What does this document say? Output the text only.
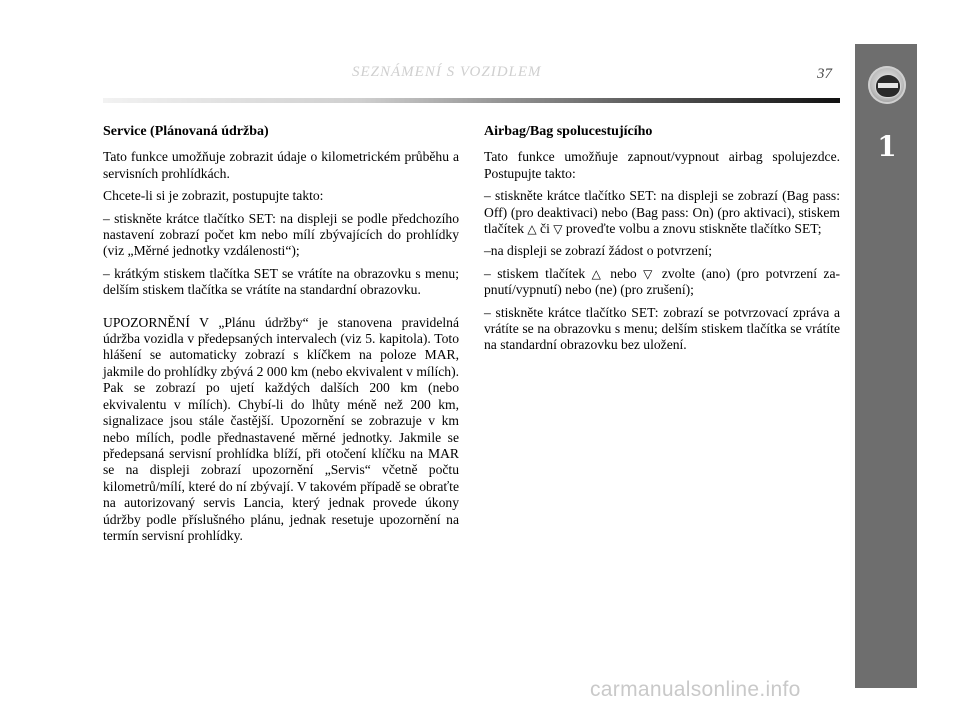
SEZNÁMENÍ S VOZIDLEM	37
1
Service (Plánovaná údržba)

Tato funkce umožňuje zobrazit údaje o kilometrickém průběhu a servisních prohlídkách.

Chcete-li si je zobrazit, postupujte takto:

– stiskněte krátce tlačítko SET: na displeji se podle předchozího nastavení zobrazí počet km nebo mílí zbývajících do prohlídky (viz „Měrné jednotky vzdálenosti“);

– krátkým stiskem tlačítka SET se vrátíte na obrazovku s menu; delším stiskem tlačítka se vrátíte na standardní obrazovku.

UPOZORNĚNÍ V „Plánu údržby“ je stanovena pravidelná údržba vozidla v předepsaných intervalech (viz 5. kapitola). Toto hlášení se automaticky zobrazí s klíčkem na poloze MAR, jakmile do prohlídky zbývá 2 000 km (nebo ekvivalent v mílích). Pak se zobrazí po ujetí každých dalších 200 km (nebo ekvivalentu v mílích). Chybí-li do lhůty méně než 200 km, signalizace jsou stále častější. Upozornění se zobrazuje v km nebo mílích, podle přednastavené měrné jednotky. Jakmile se předepsaná servisní prohlídka blíží, při otočení klíčku na MAR se na displeji zobrazí upozornění „Servis“ včetně počtu kilometrů/mílí, které do ní zbývají. V takovém případě se obraťte na autorizovaný servis Lancia, který jednak provede úkony údržby podle příslušného plánu, jednak resetuje upozornění na termín servisní prohlídky.

Airbag/Bag spolucestujícího

Tato funkce umožňuje zapnout/vypnout airbag spolujezdce. Postupujte takto:

– stiskněte krátce tlačítko SET: na displeji se zobrazí (Bag pass: Off) (pro deaktivaci) nebo (Bag pass: On) (pro aktivaci), stiskem tlačítek △ či ▽ proveďte volbu a znovu stiskněte tlačítko SET;

–na displeji se zobrazí žádost o potvrzení;

– stiskem tlačítek △ nebo ▽ zvolte (ano) (pro potvrzení za-pnutí/vypnutí) nebo (ne) (pro zrušení);

– stiskněte krátce tlačítko SET: zobrazí se potvrzovací zpráva a vrátíte se na obrazovku s menu; delším stiskem tlačítka se vrátíte na standardní obrazovku bez uložení.

carmanualsonline.info
